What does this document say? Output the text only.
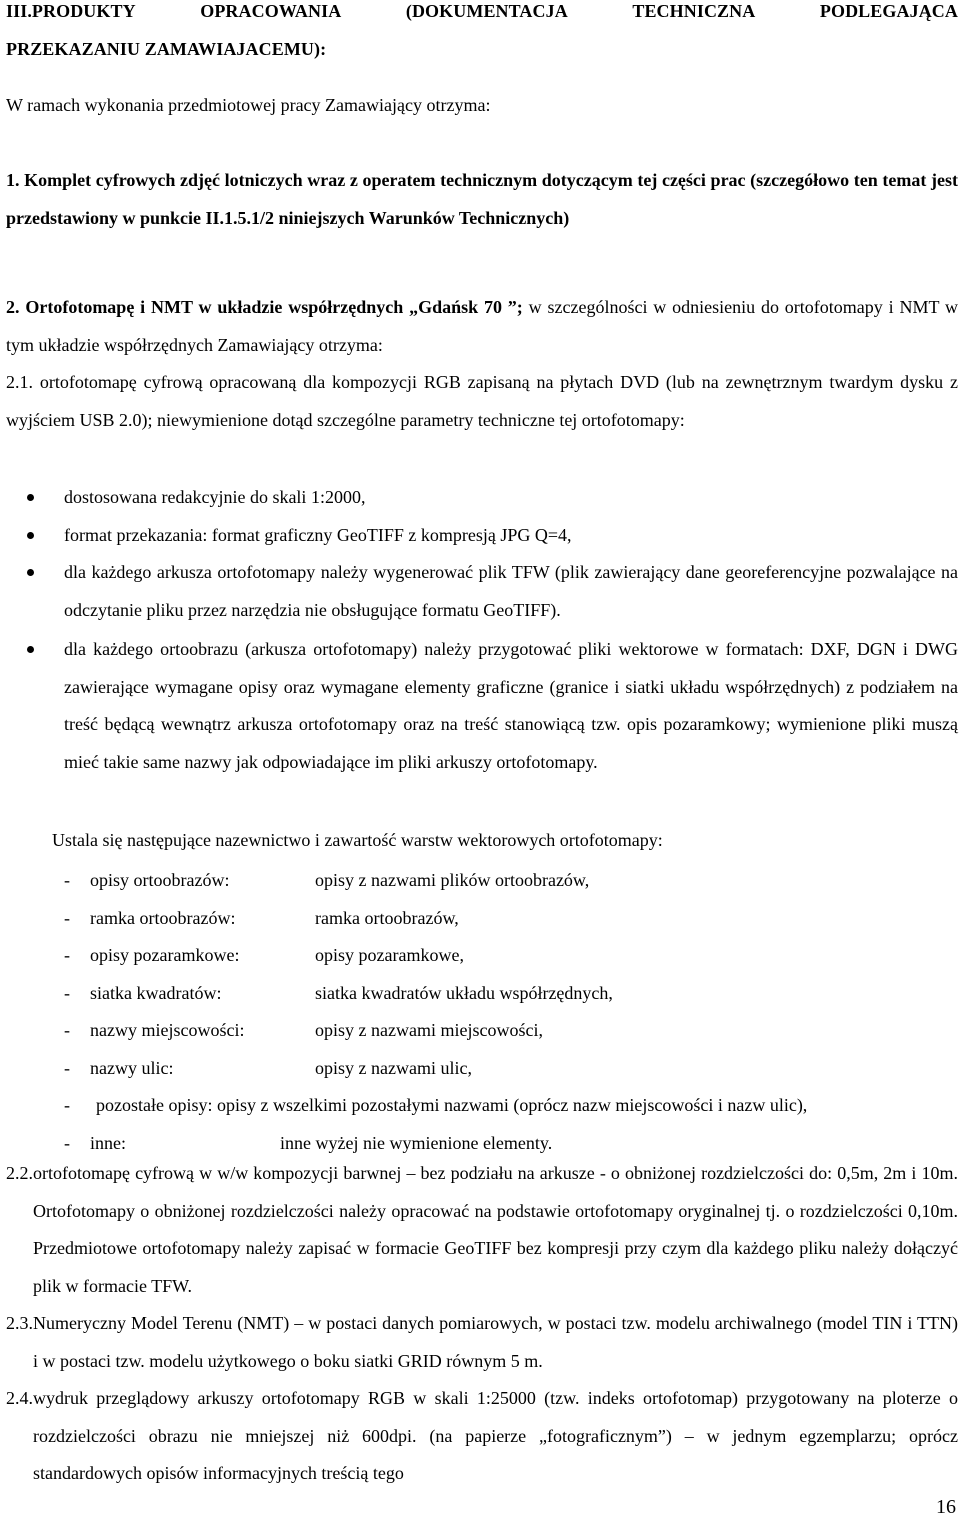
III.PRODUKTY	OPRACOWANIA	(DOKUMENTACJA	TECHNICZNA	PODLEGAJĄCA
PRZEKAZANIU ZAMAWIAJACEMU):

W ramach wykonania przedmiotowej pracy Zamawiający otrzyma:

1. Komplet cyfrowych zdjęć lotniczych wraz z operatem technicznym dotyczącym tej części prac (szczegółowo ten temat jest przedstawiony w punkcie II.1.5.1/2 niniejszych Warunków Technicznych)

2. Ortofotomapę i NMT w układzie współrzędnych „Gdańsk 70 ”; w szczególności w odniesieniu do ortofotomapy i NMT w tym układzie współrzędnych Zamawiający otrzyma:

2.1. ortofotomapę cyfrową opracowaną dla kompozycji RGB zapisaną na płytach DVD (lub na zewnętrznym twardym dysku z wyjściem USB 2.0); niewymienione dotąd szczególne parametry techniczne tej ortofotomapy:

dostosowana redakcyjnie do skali 1:2000,
format przekazania: format graficzny GeoTIFF z kompresją JPG Q=4,
dla każdego arkusza ortofotomapy należy wygenerować plik TFW (plik zawierający dane georeferencyjne pozwalające na odczytanie pliku przez narzędzia nie obsługujące formatu GeoTIFF).
dla każdego ortoobrazu (arkusza ortofotomapy) należy przygotować pliki wektorowe w formatach: DXF, DGN i DWG zawierające wymagane opisy oraz wymagane elementy graficzne (granice i siatki układu współrzędnych) z podziałem na treść będącą wewnątrz arkusza ortofotomapy oraz na treść stanowiącą tzw. opis pozaramkowy; wymienione pliki muszą mieć takie same nazwy jak odpowiadające im pliki arkuszy ortofotomapy.

Ustala się następujące nazewnictwo i zawartość warstw wektorowych ortofotomapy:

- opisy ortoobrazów:	opisy z nazwami plików ortoobrazów,
- ramka ortoobrazów:	ramka ortoobrazów,
- opisy pozaramkowe:	opisy pozaramkowe,
- siatka kwadratów:	siatka kwadratów układu współrzędnych,
- nazwy miejscowości:	opisy z nazwami miejscowości,
- nazwy ulic:	opisy z nazwami ulic,
- pozostałe opisy: opisy z wszelkimi pozostałymi nazwami (oprócz nazw miejscowości i nazw ulic),
- inne:	inne wyżej nie wymienione elementy.
2.2. ortofotomapę cyfrową w w/w kompozycji barwnej – bez podziału na arkusze - o obniżonej rozdzielczości do: 0,5m, 2m i 10m. Ortofotomapy o obniżonej rozdzielczości należy opracować na podstawie ortofotomapy oryginalnej tj. o rozdzielczości 0,10m. Przedmiotowe ortofotomapy należy zapisać w formacie GeoTIFF bez kompresji przy czym dla każdego pliku należy dołączyć plik w formacie TFW.
2.3. Numeryczny Model Terenu (NMT) – w postaci danych pomiarowych, w postaci tzw. modelu archiwalnego (model TIN i TTN) i w postaci tzw. modelu użytkowego o boku siatki GRID równym 5 m.
2.4. wydruk przeglądowy arkuszy ortofotomapy RGB w skali 1:25000 (tzw. indeks ortofotomap) przygotowany na ploterze o rozdzielczości obrazu nie mniejszej niż 600dpi. (na papierze „fotograficznym”) – w jednym egzemplarzu; oprócz standardowych opisów informacyjnych treścią tego
16
